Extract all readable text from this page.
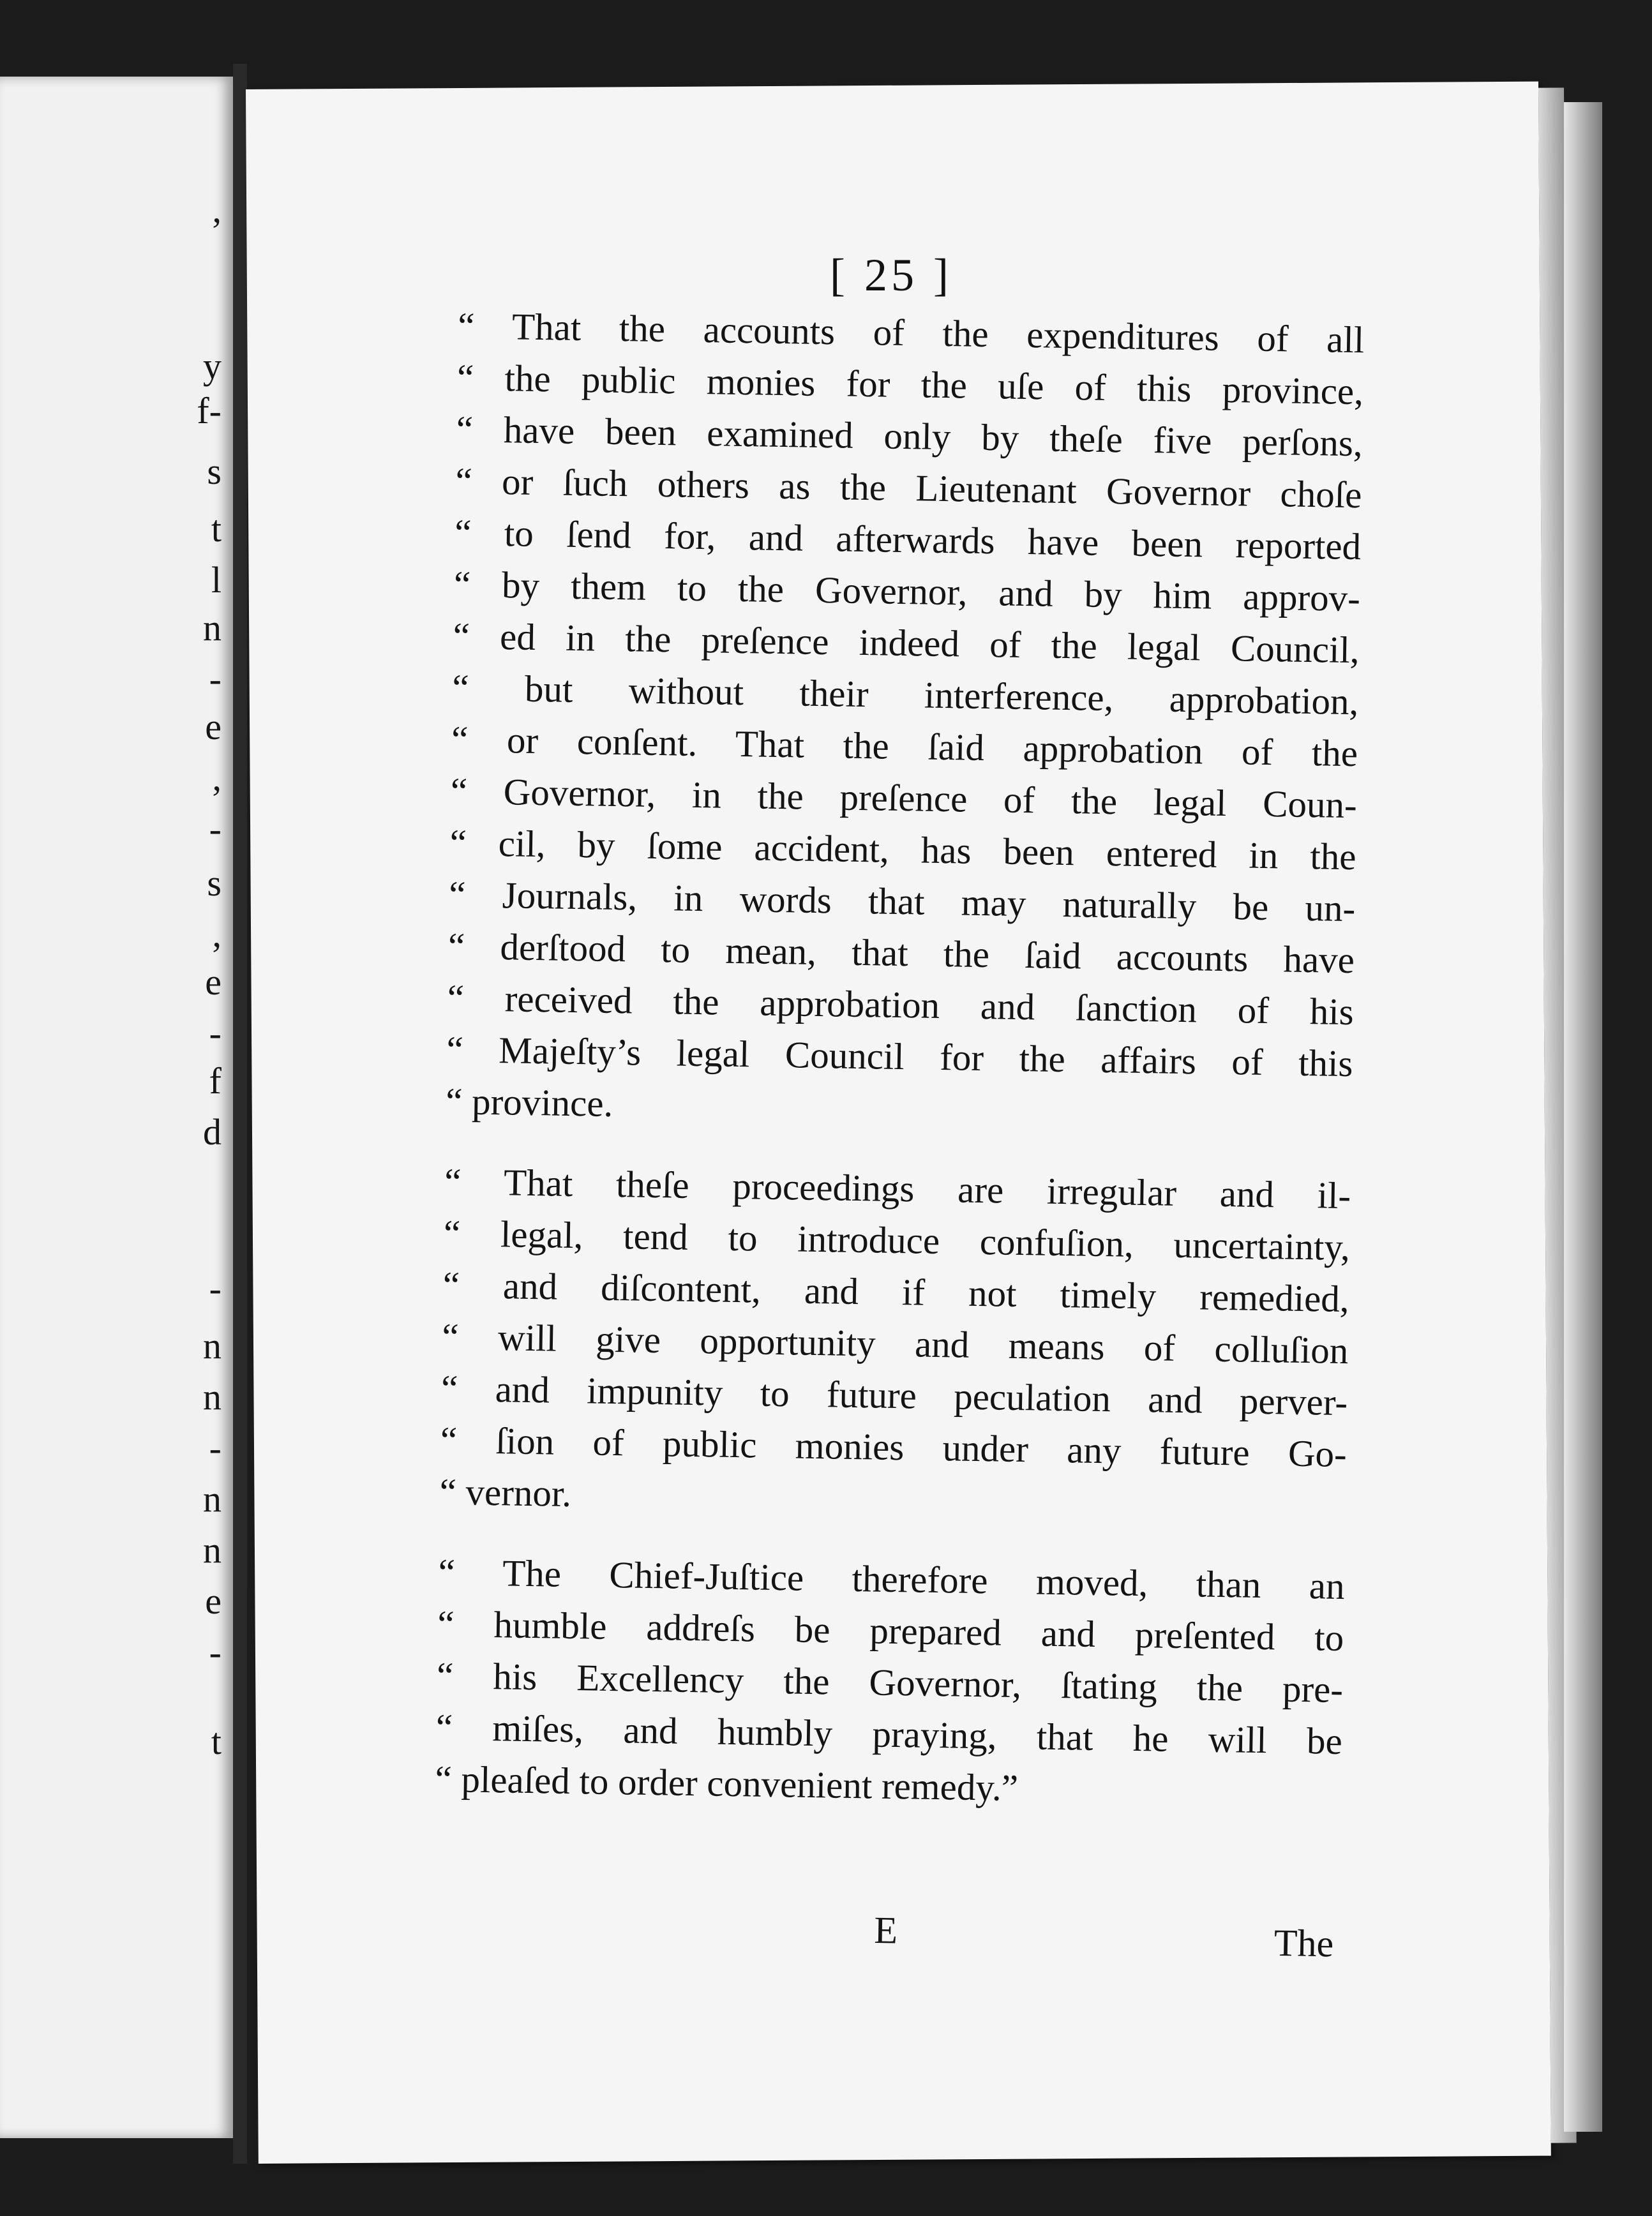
,
y
f-
s
t
l
n
-
e
,
-
s
,
e
-
f
d
-
n
n
-
n
n
e
-
t
[ 25 ]

“ That the accounts of the expenditures of all
“ the public monies for the uſe of this province,
“ have been examined only by theſe five perſons,
“ or ſuch others as the Lieutenant Governor choſe
“ to ſend for, and afterwards have been reported
“ by them to the Governor, and by him approv-
“ ed in the preſence indeed of the legal Council,
“ but without their interference, approbation,
“ or conſent. That the ſaid approbation of the
“ Governor, in the preſence of the legal Coun-
“ cil, by ſome accident, has been entered in the
“ Journals, in words that may naturally be un-
“ derſtood to mean, that the ſaid accounts have
“ received the approbation and ſanction of his
“ Majeſty’s legal Council for the affairs of this
“ province.

“ That theſe proceedings are irregular and il-
“ legal, tend to introduce confuſion, uncertainty,
“ and diſcontent, and if not timely remedied,
“ will give opportunity and means of colluſion
“ and impunity to future peculation and perver-
“ ſion of public monies under any future Go-
“ vernor.

“ The Chief-Juſtice therefore moved, than an
“ humble addreſs be prepared and preſented to
“ his Excellency the Governor, ſtating the pre-
“ miſes, and humbly praying, that he will be
“ pleaſed to order convenient remedy.”

E	The
